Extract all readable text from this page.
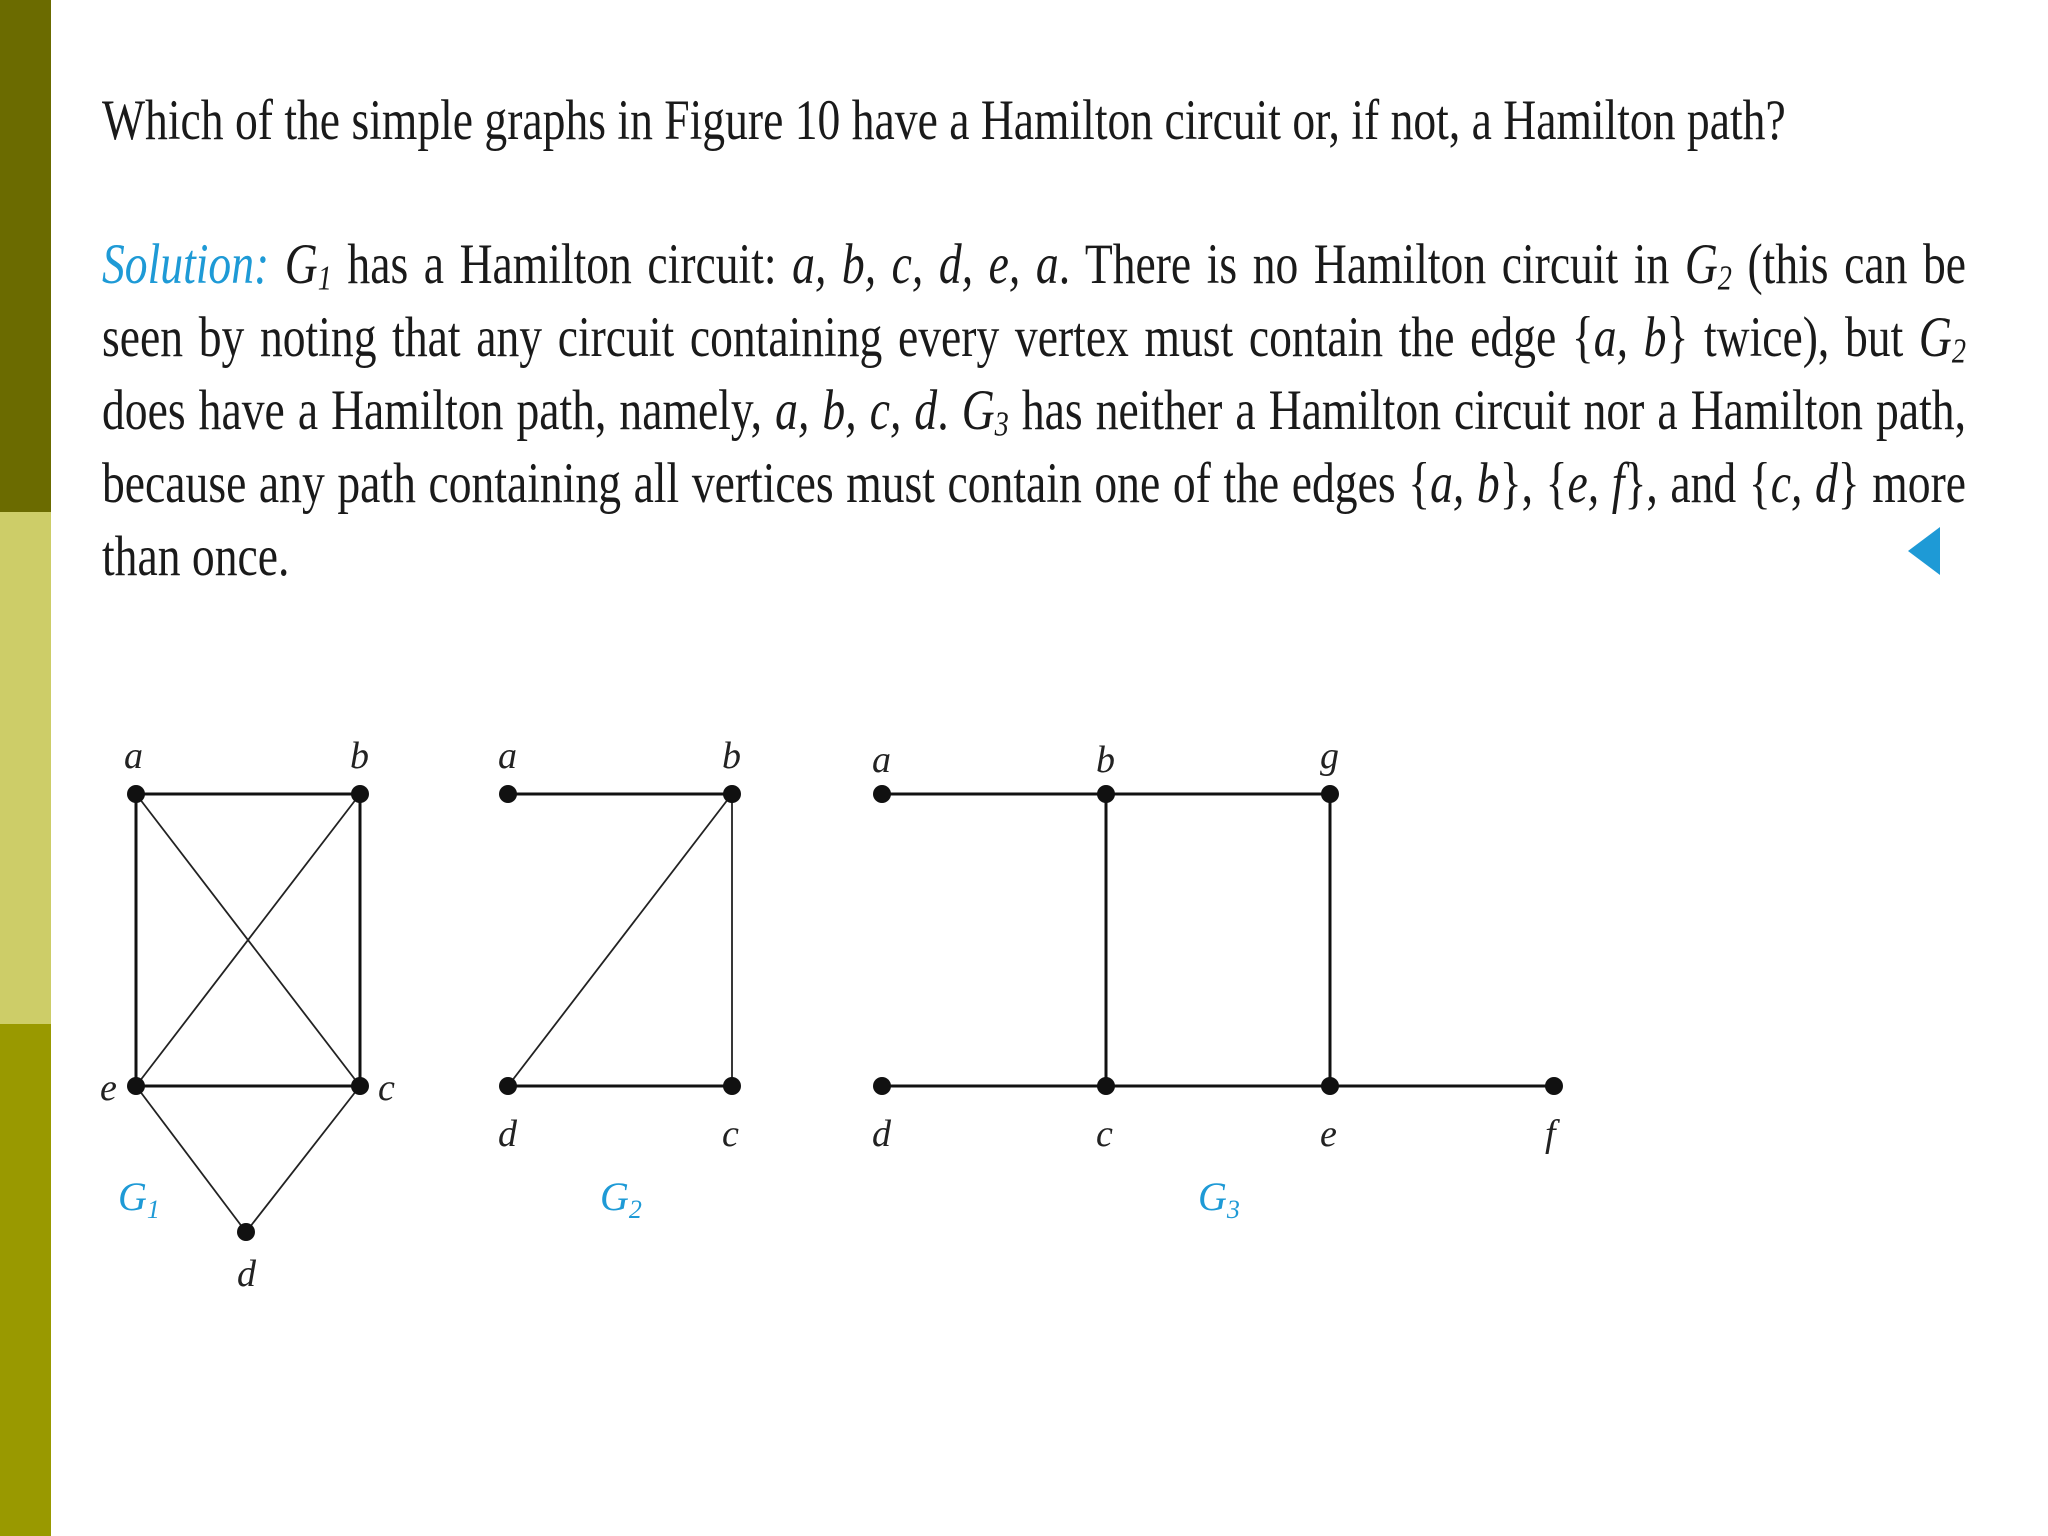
Which of the simple graphs in Figure 10 have a Hamilton circuit or, if not, a Hamilton path?
Solution: $G_1$ has a Hamilton circuit: a, b, c, d, e, a. There is no Hamilton circuit in $G_2$ (this can be seen by noting that any circuit containing every vertex must contain the edge {a, b} twice), but $G_2$ does have a Hamilton path, namely, a, b, c, d. $G_3$ has neither a Hamilton circuit nor a Hamilton path, because any path containing all vertices must contain one of the edges {a, b}, {e, f}, and {c, d} more than once.
a	b
c
d
e
$G_1$
a	b
c
d
$G_2$
a	b	g
d	c	e	f
$G_3$
